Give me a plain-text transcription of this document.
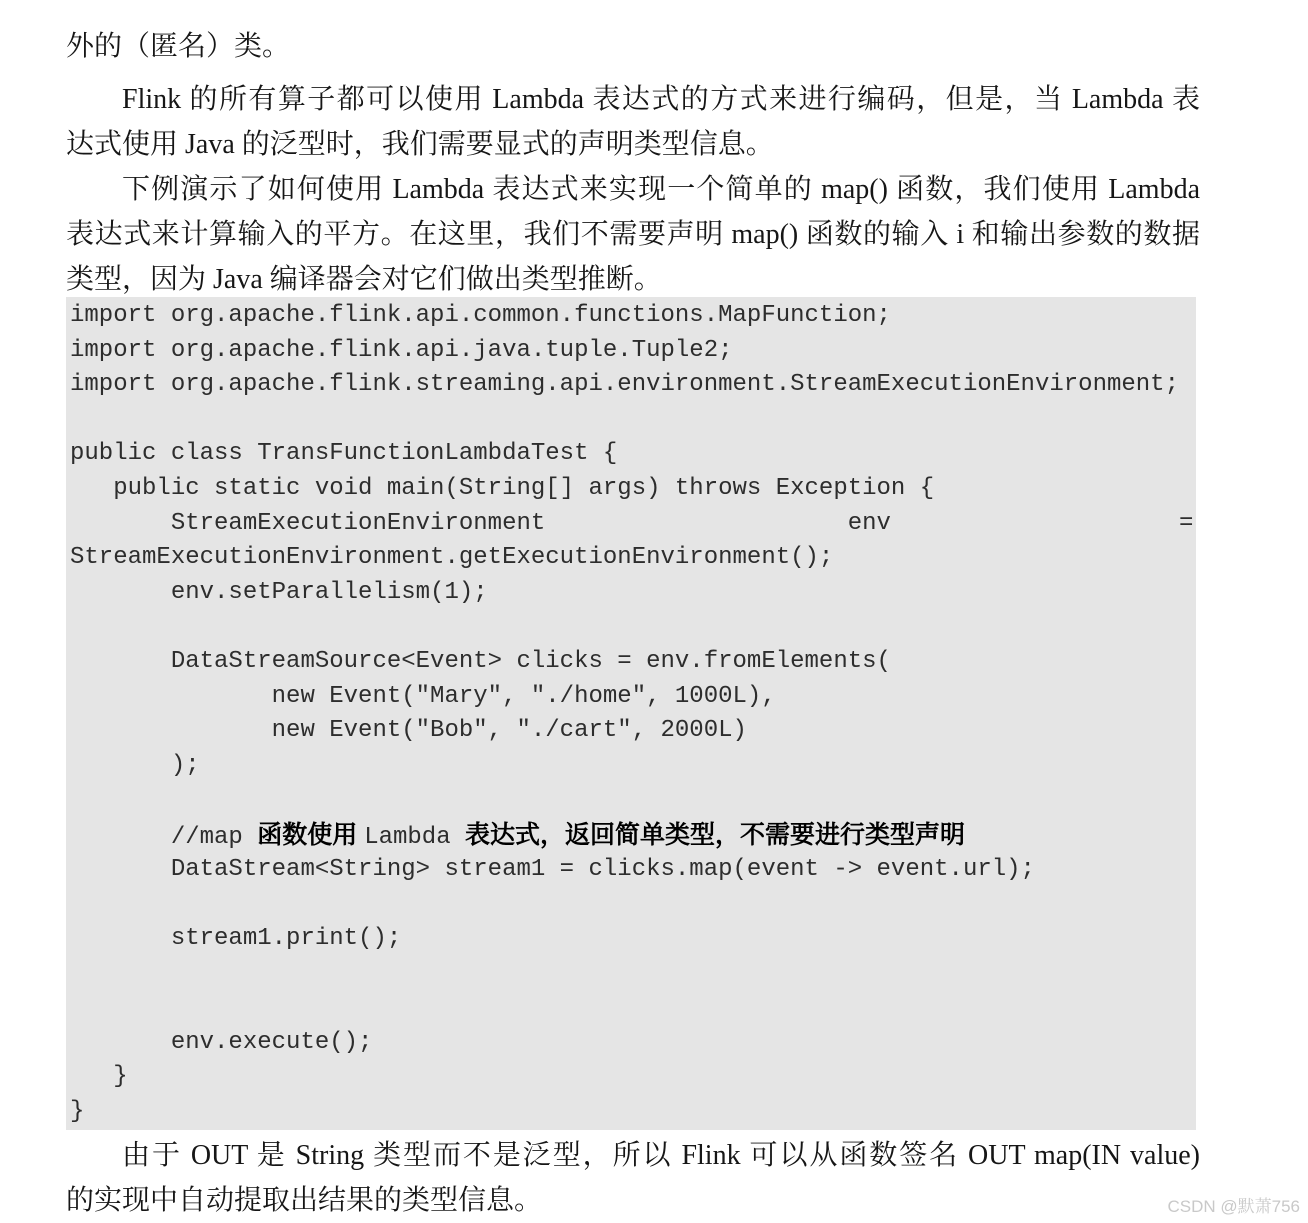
外的（匿名）类。
Flink 的所有算子都可以使用 Lambda 表达式的方式来进行编码，但是，当 Lambda 表
达式使用 Java 的泛型时，我们需要显式的声明类型信息。
下例演示了如何使用 Lambda 表达式来实现一个简单的 map() 函数，我们使用 Lambda
表达式来计算输入的平方。在这里，我们不需要声明 map() 函数的输入 i 和输出参数的数据
类型，因为 Java 编译器会对它们做出类型推断。
import org.apache.flink.api.common.functions.MapFunction;
import org.apache.flink.api.java.tuple.Tuple2;
import org.apache.flink.streaming.api.environment.StreamExecutionEnvironment;
public class TransFunctionLambdaTest {
public static void main(String[] args) throws Exception {
StreamExecutionEnvironment                     env                    =
StreamExecutionEnvironment.getExecutionEnvironment();
env.setParallelism(1);
DataStreamSource<Event> clicks = env.fromElements(
new Event("Mary", "./home", 1000L),
new Event("Bob", "./cart", 2000L)
);
//map 函数使用 Lambda 表达式，返回简单类型，不需要进行类型声明
DataStream<String> stream1 = clicks.map(event -> event.url);
stream1.print();
env.execute();
}
}
由于 OUT 是 String 类型而不是泛型，所以 Flink 可以从函数签名 OUT map(IN value)
的实现中自动提取出结果的类型信息。	CSDN @默萧756
